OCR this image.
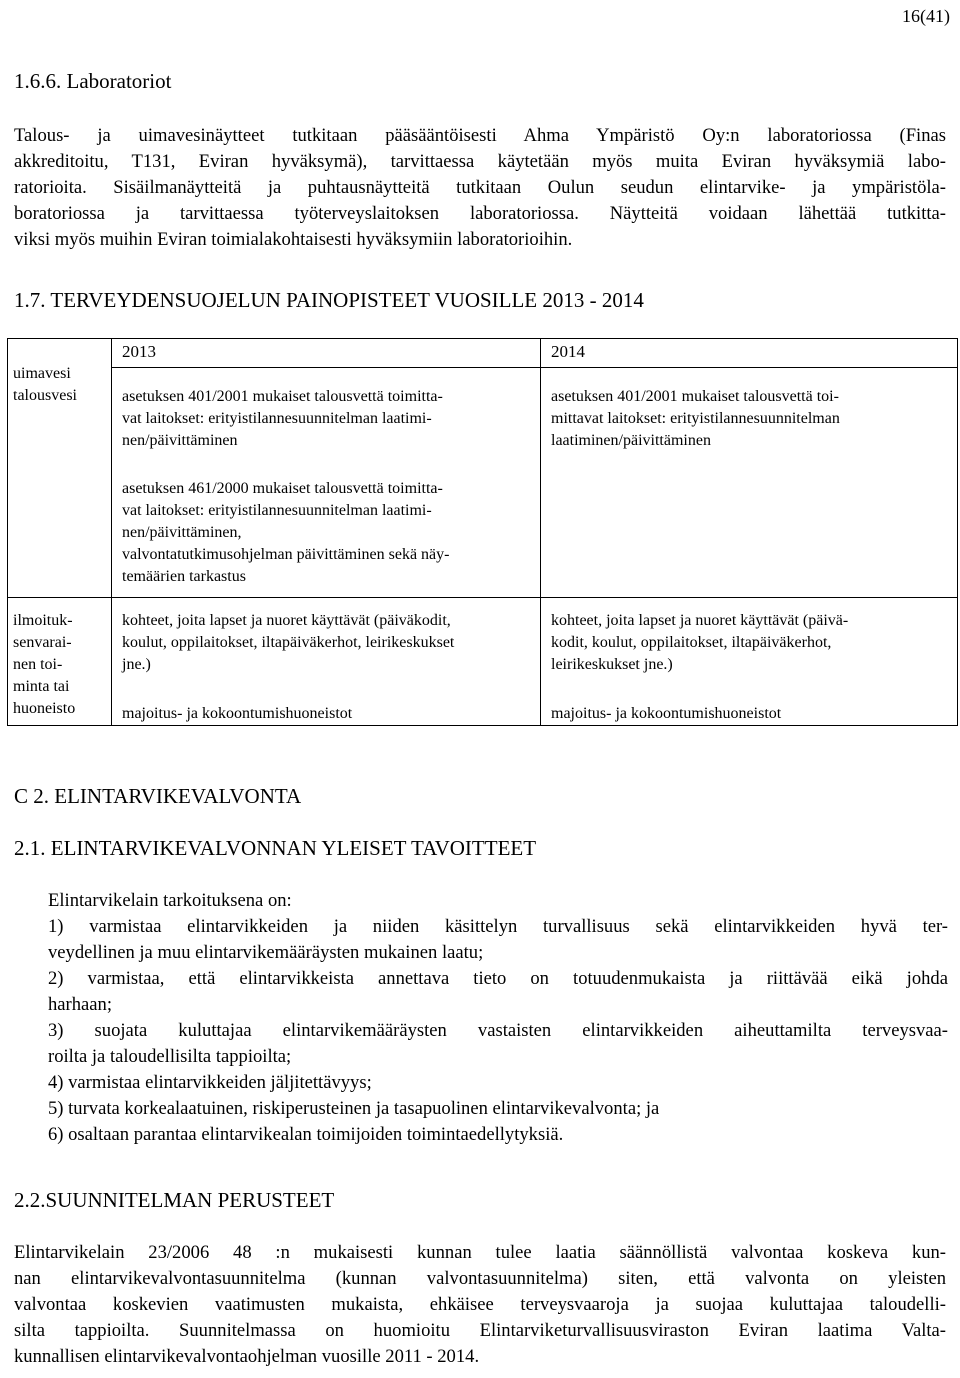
16(41)
1.6.6. Laboratoriot
Talous- ja uimavesinäytteet tutkitaan pääsääntöisesti Ahma Ympäristö Oy:n laboratoriossa (Finas
akkreditoitu, T131, Eviran hyväksymä), tarvittaessa käytetään myös muita Eviran hyväksymiä labo-
ratorioita. Sisäilmanäytteitä ja puhtausnäytteitä tutkitaan Oulun seudun elintarvike- ja ympäristöla-
boratoriossa ja tarvittaessa työterveyslaitoksen laboratoriossa. Näytteitä voidaan lähettää tutkitta-
viksi myös muihin Eviran toimialakohtaisesti hyväksymiin laboratorioihin.
1.7. TERVEYDENSUOJELUN PAINOPISTEET VUOSILLE 2013 - 2014
2013	2014
uimavesi
talousvesi	asetuksen 401/2001 mukaiset talousvettä toimitta-
vat laitokset: erityistilannesuunnitelman laatimi-
nen/päivittäminen
asetuksen 461/2000 mukaiset talousvettä toimitta-
vat laitokset: erityistilannesuunnitelman laatimi-
nen/päivittäminen,
valvontatutkimusohjelman päivittäminen sekä näy-
temäärien tarkastus
asetuksen 401/2001 mukaiset talousvettä toi-
mittavat laitokset: erityistilannesuunnitelman
laatiminen/päivittäminen
ilmoituk-
senvarai-
nen toi-
minta tai
huoneisto
kohteet, joita lapset ja nuoret käyttävät (päiväkodit,
koulut, oppilaitokset, iltapäiväkerhot, leirikeskukset
jne.)
majoitus- ja kokoontumishuoneistot
kohteet, joita lapset ja nuoret käyttävät (päivä-
kodit, koulut, oppilaitokset, iltapäiväkerhot,
leirikeskukset jne.)
majoitus- ja kokoontumishuoneistot
C 2. ELINTARVIKEVALVONTA
2.1. ELINTARVIKEVALVONNAN YLEISET TAVOITTEET
Elintarvikelain tarkoituksena on:
1) varmistaa elintarvikkeiden ja niiden käsittelyn turvallisuus sekä elintarvikkeiden hyvä ter-
veydellinen ja muu elintarvikemääräysten mukainen laatu;
2) varmistaa, että elintarvikkeista annettava tieto on totuudenmukaista ja riittävää eikä johda
harhaan;
3) suojata kuluttajaa elintarvikemääräysten vastaisten elintarvikkeiden aiheuttamilta terveysvaa-
roilta ja taloudellisilta tappioilta;
4) varmistaa elintarvikkeiden jäljitettävyys;
5) turvata korkealaatuinen, riskiperusteinen ja tasapuolinen elintarvikevalvonta; ja
6) osaltaan parantaa elintarvikealan toimijoiden toimintaedellytyksiä.
2.2.SUUNNITELMAN PERUSTEET
Elintarvikelain 23/2006 48 :n mukaisesti kunnan tulee laatia säännöllistä valvontaa koskeva kun-
nan elintarvikevalvontasuunnitelma (kunnan valvontasuunnitelma) siten, että valvonta on yleisten
valvontaa koskevien vaatimusten mukaista, ehkäisee terveysvaaroja ja suojaa kuluttajaa taloudelli-
silta tappioilta. Suunnitelmassa on huomioitu Elintarviketurvallisuusviraston Eviran laatima Valta-
kunnallisen elintarvikevalvontaohjelman vuosille 2011 - 2014.
